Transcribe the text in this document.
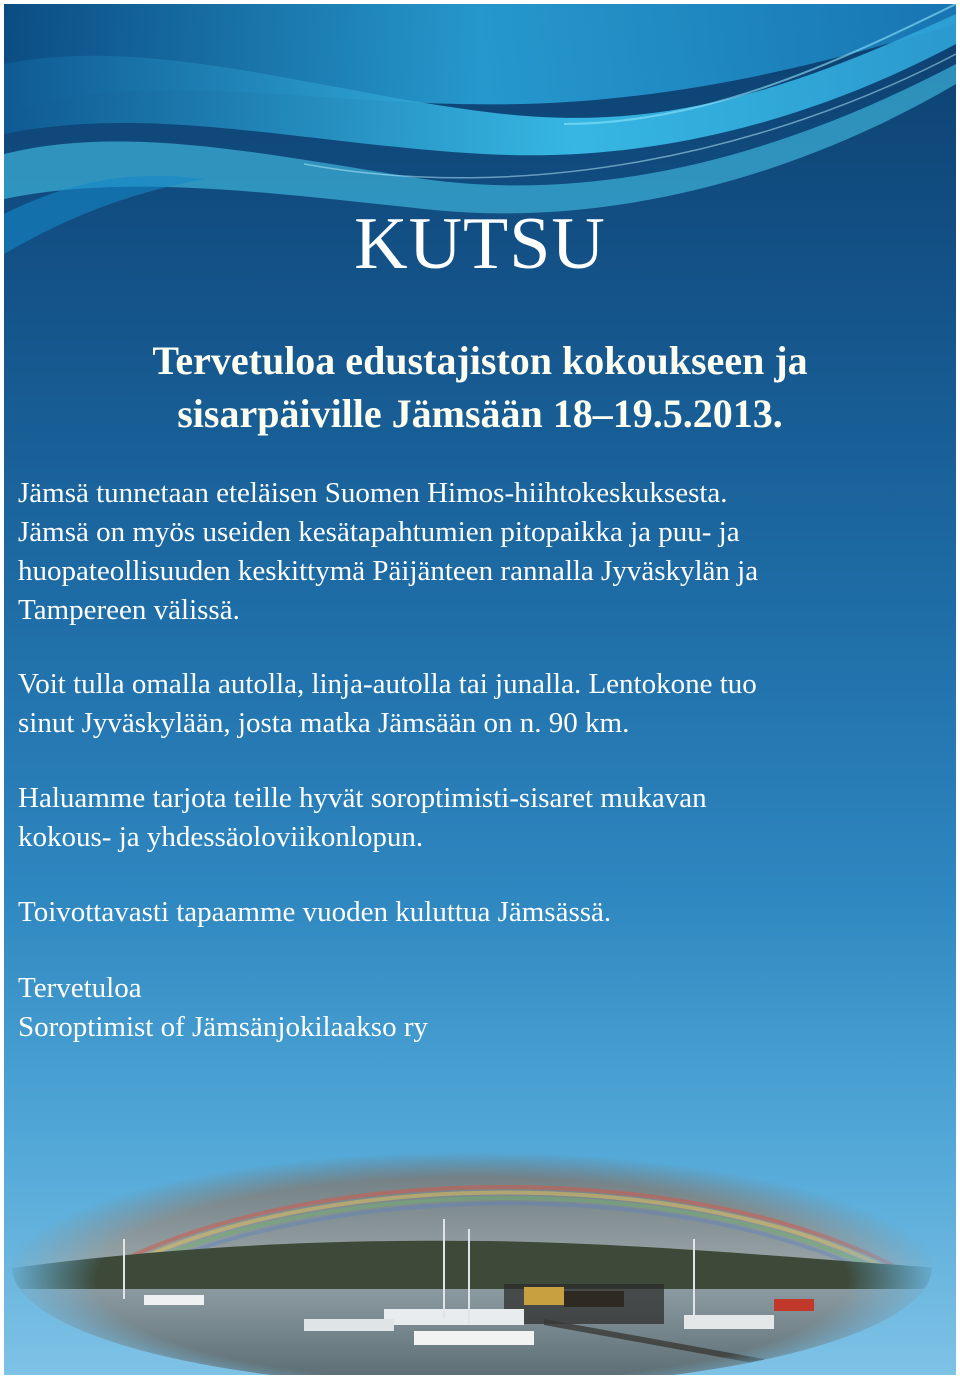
KUTSU
Tervetuloa edustajiston kokoukseen ja
sisarpäiville Jämsään 18–19.5.2013.

Jämsä tunnetaan eteläisen Suomen Himos-hiihtokeskuksesta.
Jämsä on myös useiden kesätapahtumien pitopaikka ja puu- ja
huopateollisuuden keskittymä Päijänteen rannalla Jyväskylän ja
Tampereen välissä.

Voit tulla omalla autolla, linja-autolla tai junalla. Lentokone tuo
sinut Jyväskylään, josta matka Jämsään on n. 90 km.

Haluamme tarjota teille hyvät soroptimisti-sisaret mukavan
kokous- ja yhdessäoloviikonlopun.

Toivottavasti tapaamme vuoden kuluttua Jämsässä.

Tervetuloa
Soroptimist of Jämsänjokilaakso ry
